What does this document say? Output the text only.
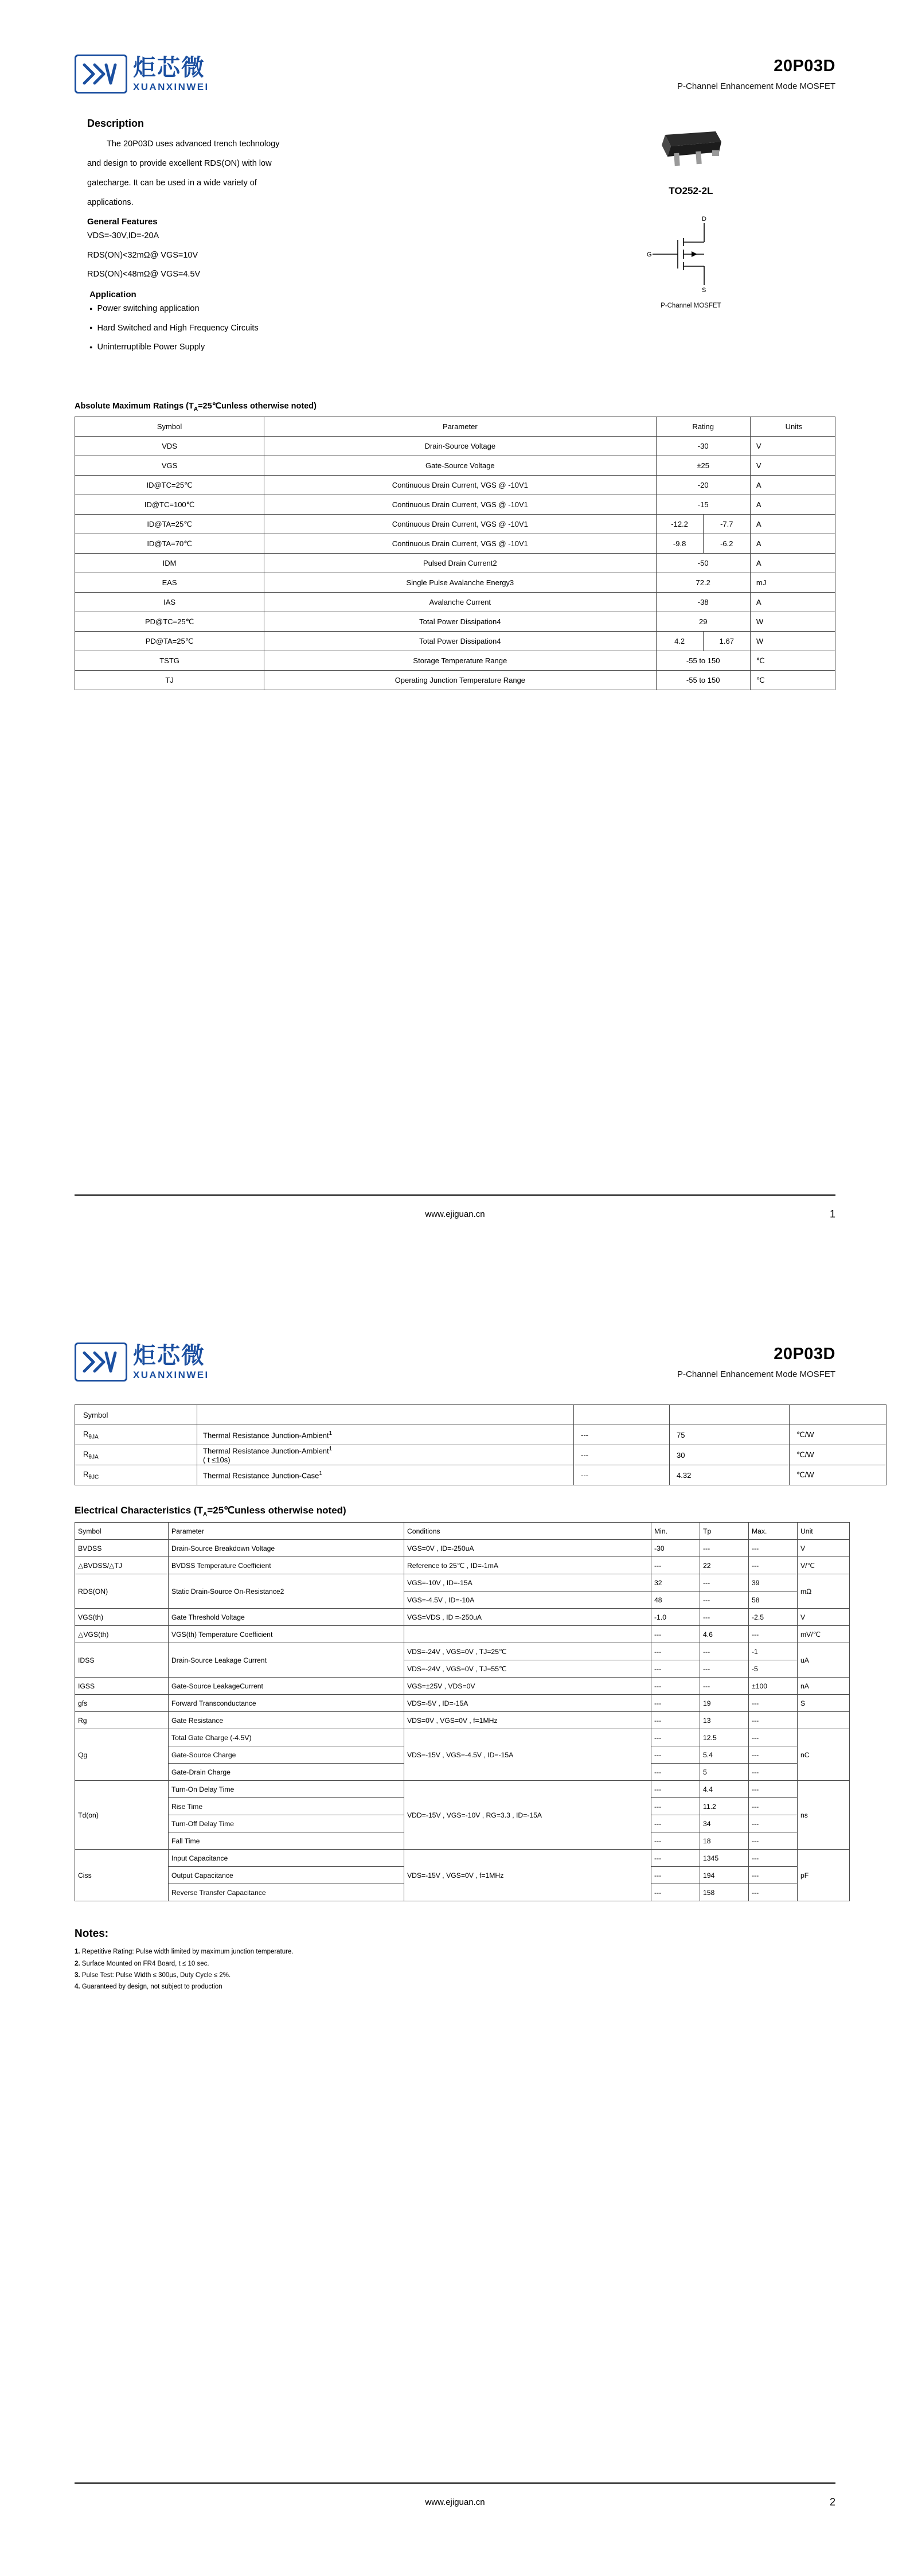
炬芯微
XUANXINWEI
20P03D
P-Channel Enhancement Mode MOSFET
Description

The 20P03D uses advanced trench technology

and design to provide excellent RDS(ON) with low

gatecharge. It can be used in a wide variety of

applications.

General Features
VDS=-30V,ID=-20A
RDS(ON)<32mΩ@ VGS=10V
RDS(ON)<48mΩ@ VGS=4.5V
Application
● Power switching application
● Hard Switched and High Frequency Circuits
● Uninterruptible Power Supply
TO252-2L
G
D
S
P-Channel MOSFET
Absolute Maximum Ratings ($T_A=25℃unless$ otherwise noted)
Symbol	Parameter	Rating		Units
VDS	Drain-Source Voltage	-30		V
VGS	Gate-Source Voltage	±25		V
ID@TC=25℃	Continuous Drain Current, VGS @ -10V1	-20		A
ID@TC=100℃	Continuous Drain Current, VGS @ -10V1	-15		A
ID@TA=25℃	Continuous Drain Current, VGS @ -10V1	-12.2	-7.7	A
ID@TA=70℃	Continuous Drain Current, VGS @ -10V1	-9.8	-6.2	A
IDM	Pulsed Drain Current2	-50		A
EAS	Single Pulse Avalanche Energy3	72.2		mJ
IAS	Avalanche Current	-38		A
PD@TC=25℃	Total Power Dissipation4	29		W
PD@TA=25℃	Total Power Dissipation4	4.2	1.67	W
TSTG	Storage Temperature Range	-55 to 150		℃
TJ	Operating Junction Temperature Range	-55 to 150		℃
www.ejiguan.cn	1
炬芯微
XUANXINWEI
20P03D
P-Channel Enhancement Mode MOSFET
Symbol				
$R_{\theta JA}$	Thermal Resistance Junction-Ambient$^1$	---	75	℃/W
$R_{\theta JA}$	Thermal Resistance Junction-Ambient$^1$
( t ≤10s)	---	30	℃/W
$R_{\theta JC}$	Thermal Resistance Junction-Case$^1$	---	4.32	℃/W
Electrical Characteristics ($T_A=25℃unless$ otherwise noted)
Symbol	Parameter	Conditions	Min.	Tp	Max.	Unit
BVDSS	Drain-Source Breakdown Voltage	VGS=0V , ID=-250uA	-30	---	---	V
△BVDSS/△TJ	BVDSS Temperature Coefficient	Reference to 25℃ , ID=-1mA	---	22	---	V/℃
RDS(ON)	Static Drain-Source On-Resistance2	VGS=-10V , ID=-15A	32	---	39	mΩ
		VGS=-4.5V , ID=-10A	48	---	58	
VGS(th)	Gate Threshold Voltage	VGS=VDS , ID =-250uA	-1.0	---	-2.5	V
△VGS(th)	VGS(th) Temperature Coefficient		---	4.6	---	mV/℃
IDSS	Drain-Source Leakage Current	VDS=-24V , VGS=0V , TJ=25℃	---	---	-1	uA
		VDS=-24V , VGS=0V , TJ=55℃	---	---	-5	
IGSS	Gate-Source LeakageCurrent	VGS=±25V , VDS=0V	---	---	±100	nA
gfs	Forward Transconductance	VDS=-5V , ID=-15A	---	19	---	S
Rg	Gate Resistance	VDS=0V , VGS=0V , f=1MHz	---	13	---	
Qg	Total Gate Charge (-4.5V)	VDS=-15V , VGS=-4.5V , ID=-15A	---	12.5	---	nC
	Gate-Source Charge		---	5.4	---	
	Gate-Drain Charge		---	5	---	
Td(on)	Turn-On Delay Time	VDD=-15V , VGS=-10V , RG=3.3 , ID=-15A	---	4.4	---	ns
	Rise Time		---	11.2	---	
	Turn-Off Delay Time		---	34	---	
	Fall Time		---	18	---	
Ciss	Input Capacitance	VDS=-15V , VGS=0V , f=1MHz	---	1345	---	pF
	Output Capacitance		---	194	---	
	Reverse Transfer Capacitance		---	158	---	
Notes:
1. Repetitive Rating: Pulse width limited by maximum junction temperature.
2. Surface Mounted on FR4 Board, t ≤ 10 sec.
3. Pulse Test: Pulse Width ≤ 300µs, Duty Cycle ≤ 2%.
4. Guaranteed by design, not subject to production
www.ejiguan.cn	2
